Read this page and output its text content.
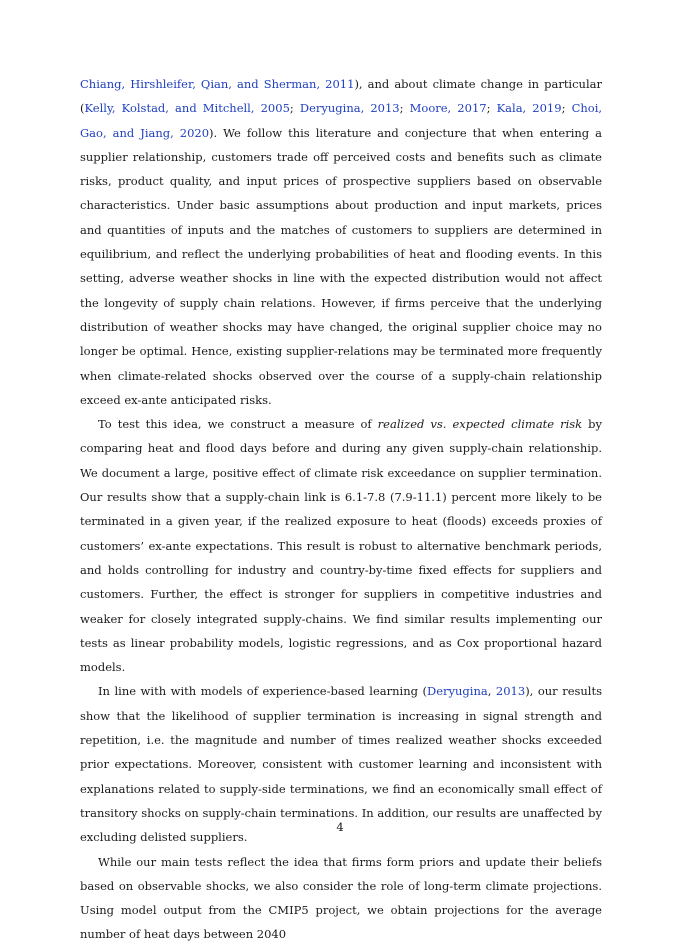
Chiang, Hirshleifer, Qian, and Sherman, 2011), and about climate change in particular (Kelly, Kolstad, and Mitchell, 2005; Deryugina, 2013; Moore, 2017; Kala, 2019; Choi, Gao, and Jiang, 2020). We follow this literature and conjecture that when entering a supplier relationship, customers trade off perceived costs and benefits such as climate risks, product quality, and input prices of prospective suppliers based on observable characteristics. Under basic assumptions about production and input markets, prices and quantities of inputs and the matches of customers to suppliers are determined in equilibrium, and reflect the underlying probabilities of heat and flooding events. In this setting, adverse weather shocks in line with the expected distribution would not affect the longevity of supply chain relations. However, if firms perceive that the underlying distribution of weather shocks may have changed, the original supplier choice may no longer be optimal. Hence, existing supplier-relations may be terminated more frequently when climate-related shocks observed over the course of a supply-chain relationship exceed ex-ante anticipated risks.

To test this idea, we construct a measure of realized vs. expected climate risk by comparing heat and flood days before and during any given supply-chain relationship. We document a large, positive effect of climate risk exceedance on supplier termination. Our results show that a supply-chain link is 6.1-7.8 (7.9-11.1) percent more likely to be terminated in a given year, if the realized exposure to heat (floods) exceeds proxies of customers’ ex-ante expectations. This result is robust to alternative benchmark periods, and holds controlling for industry and country-by-time fixed effects for suppliers and customers. Further, the effect is stronger for suppliers in competitive industries and weaker for closely integrated supply-chains. We find similar results implementing our tests as linear probability models, logistic regressions, and as Cox proportional hazard models.

In line with with models of experience-based learning (Deryugina, 2013), our results show that the likelihood of supplier termination is increasing in signal strength and repetition, i.e. the magnitude and number of times realized weather shocks exceeded prior expectations. Moreover, consistent with customer learning and inconsistent with explanations related to supply-side terminations, we find an economically small effect of transitory shocks on supply-chain terminations. In addition, our results are unaffected by excluding delisted suppliers.

While our main tests reflect the idea that firms form priors and update their beliefs based on observable shocks, we also consider the role of long-term climate projections. Using model output from the CMIP5 project, we obtain projections for the average number of heat days between 2040

4
